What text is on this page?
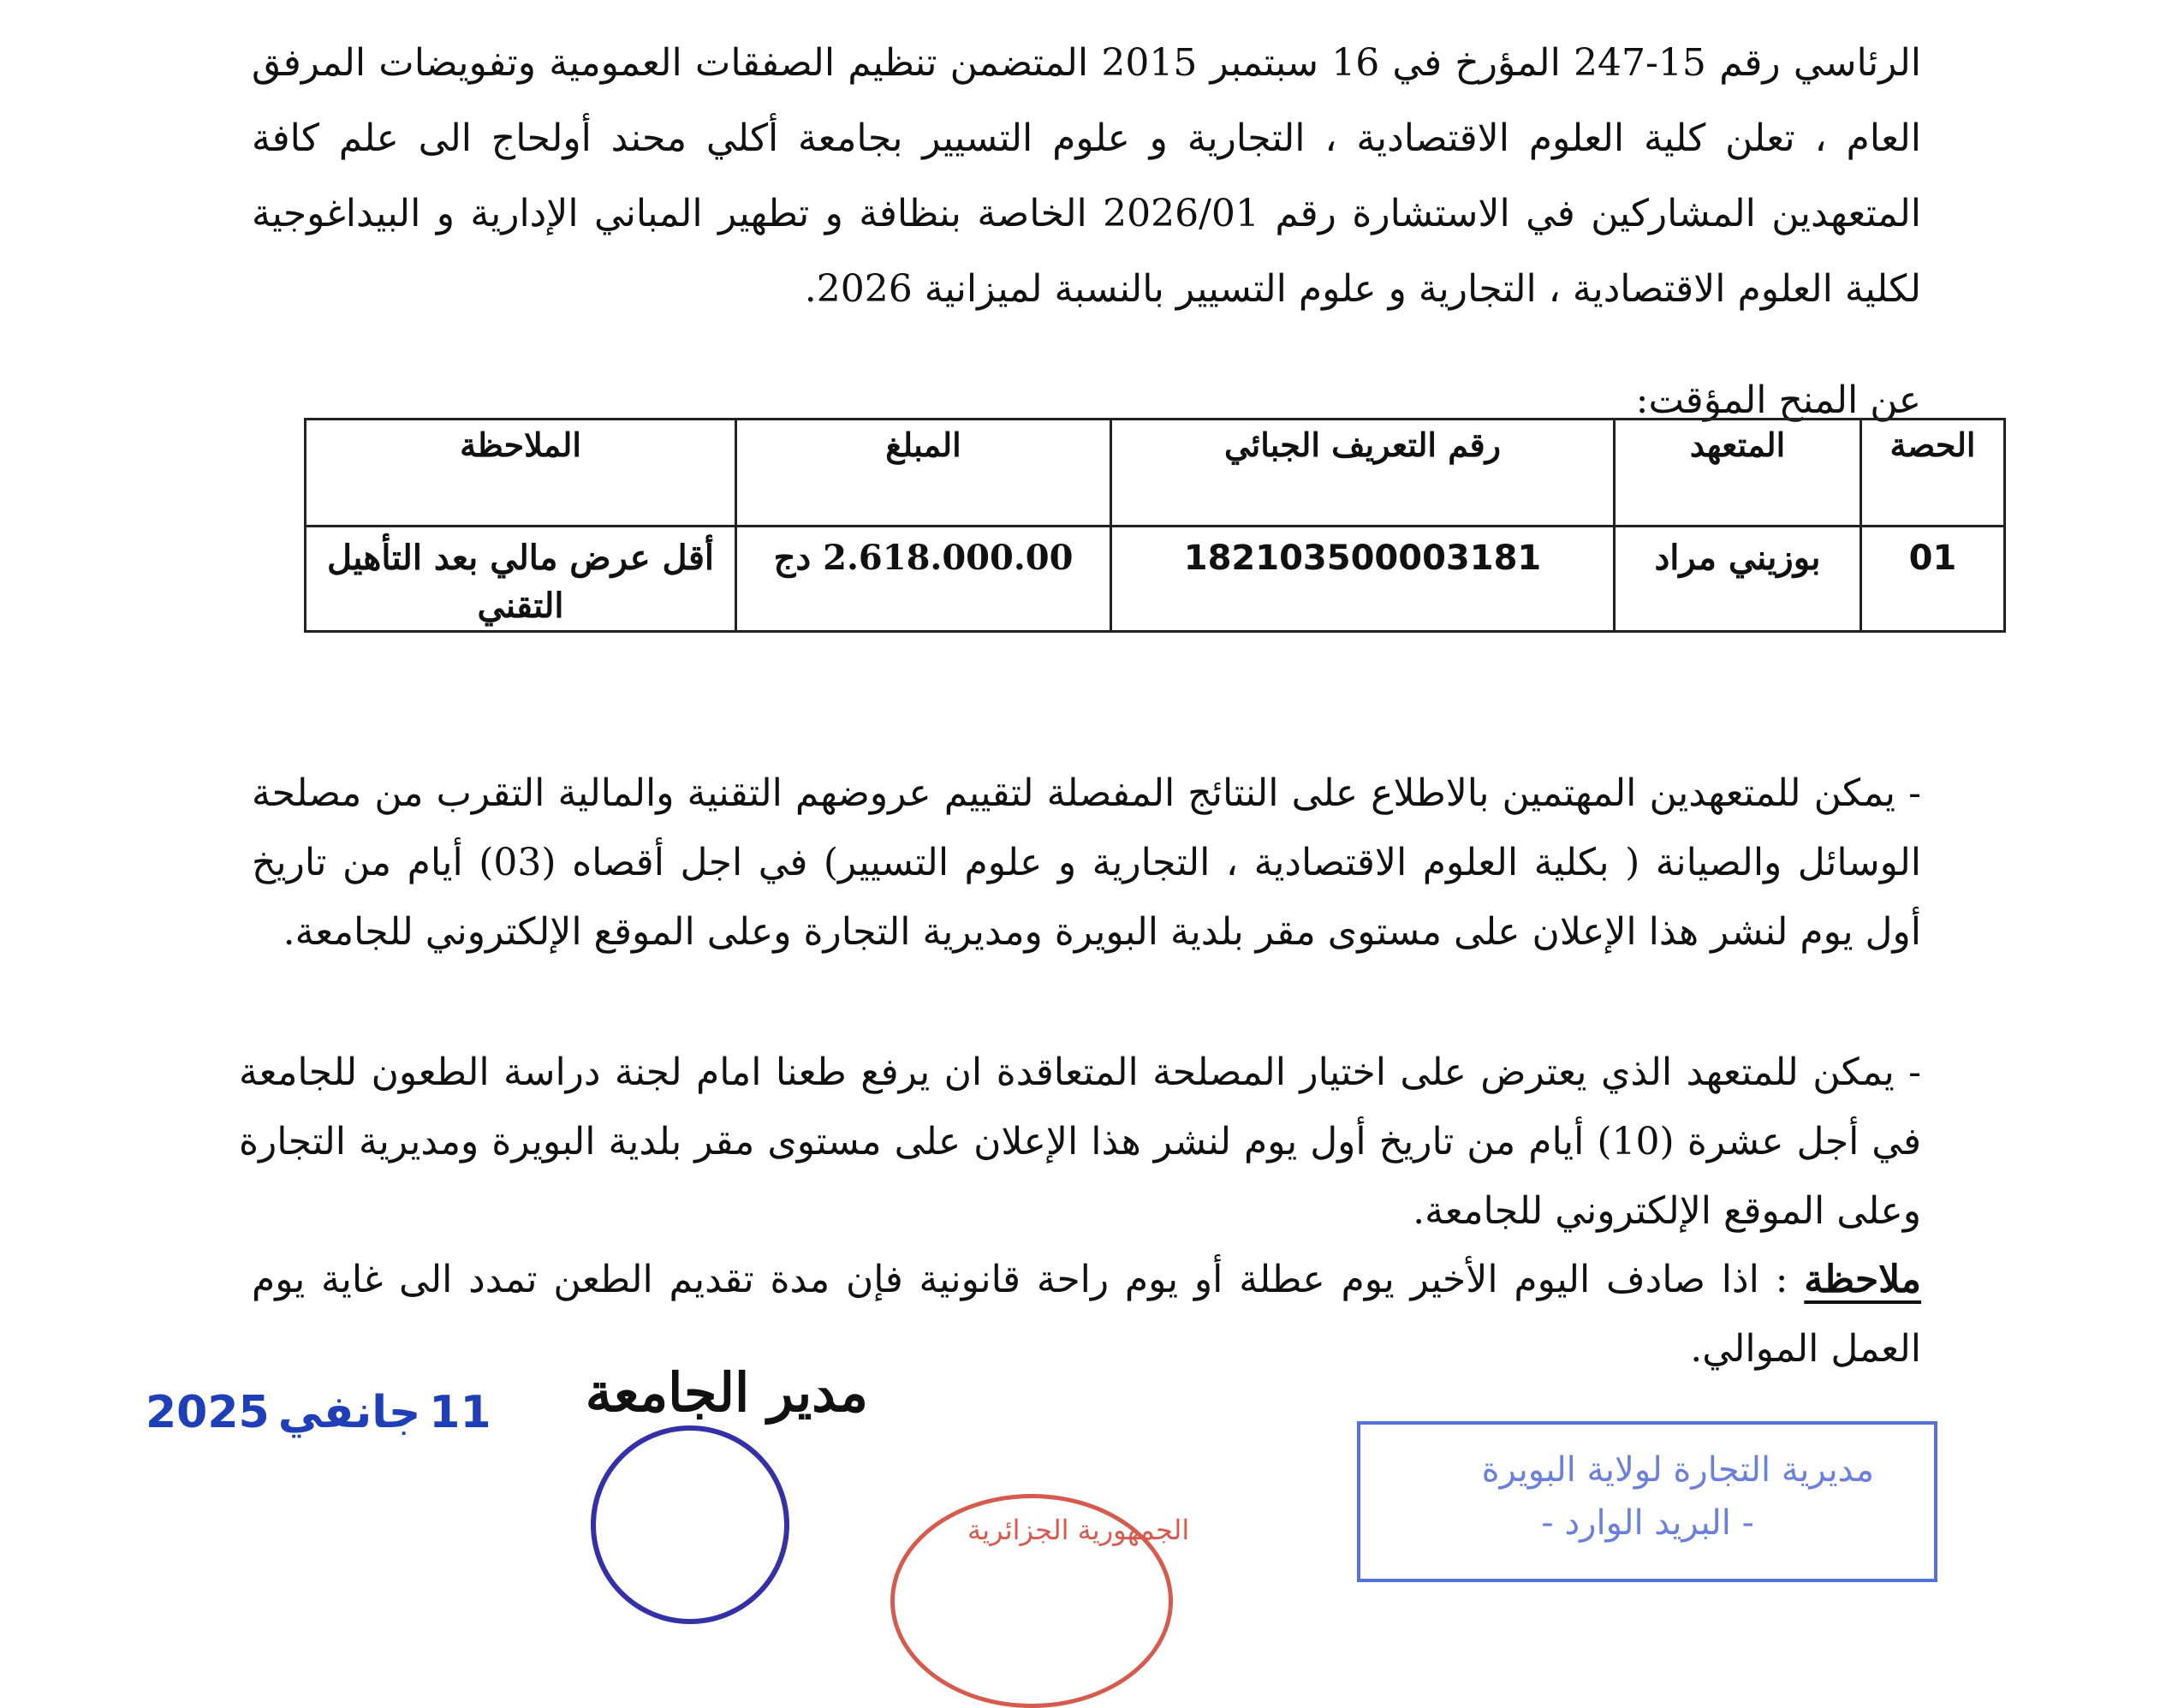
الرئاسي رقم 15-247 المؤرخ في 16 سبتمبر 2015 المتضمن تنظيم الصفقات العمومية وتفويضات المرفق العام ، تعلن كلية العلوم الاقتصادية ، التجارية و علوم التسيير بجامعة أكلي محند أولحاج الى علم كافة المتعهدين المشاركين في الاستشارة رقم 2026/01 الخاصة بنظافة و تطهير المباني الإدارية و البيداغوجية لكلية العلوم الاقتصادية ، التجارية و علوم التسيير بالنسبة لميزانية 2026.

عن المنح المؤقت:

الحصة	المتعهد	رقم التعريف الجبائي	المبلغ	الملاحظة
01	بوزيني مراد	182103500003181	2.618.000.00 دج	أقل عرض مالي بعد التأهيل التقني

- يمكن للمتعهدين المهتمين بالاطلاع على النتائج المفصلة لتقييم عروضهم التقنية والمالية التقرب من مصلحة الوسائل والصيانة ( بكلية العلوم الاقتصادية ، التجارية و علوم التسيير) في اجل أقصاه (03) أيام من تاريخ أول يوم لنشر هذا الإعلان على مستوى مقر بلدية البويرة ومديرية التجارة وعلى الموقع الإلكتروني للجامعة.

- يمكن للمتعهد الذي يعترض على اختيار المصلحة المتعاقدة ان يرفع طعنا امام لجنة دراسة الطعون للجامعة في أجل عشرة (10) أيام من تاريخ أول يوم لنشر هذا الإعلان على مستوى مقر بلدية البويرة ومديرية التجارة وعلى الموقع الإلكتروني للجامعة.

ملاحظة : اذا صادف اليوم الأخير يوم عطلة أو يوم راحة قانونية فإن مدة تقديم الطعن تمدد الى غاية يوم العمل الموالي.

مدير الجامعة
2025 جانفي 11
الجمهورية الجزائرية
مديرية التجارة لولاية البويرة
- البريد الوارد -
